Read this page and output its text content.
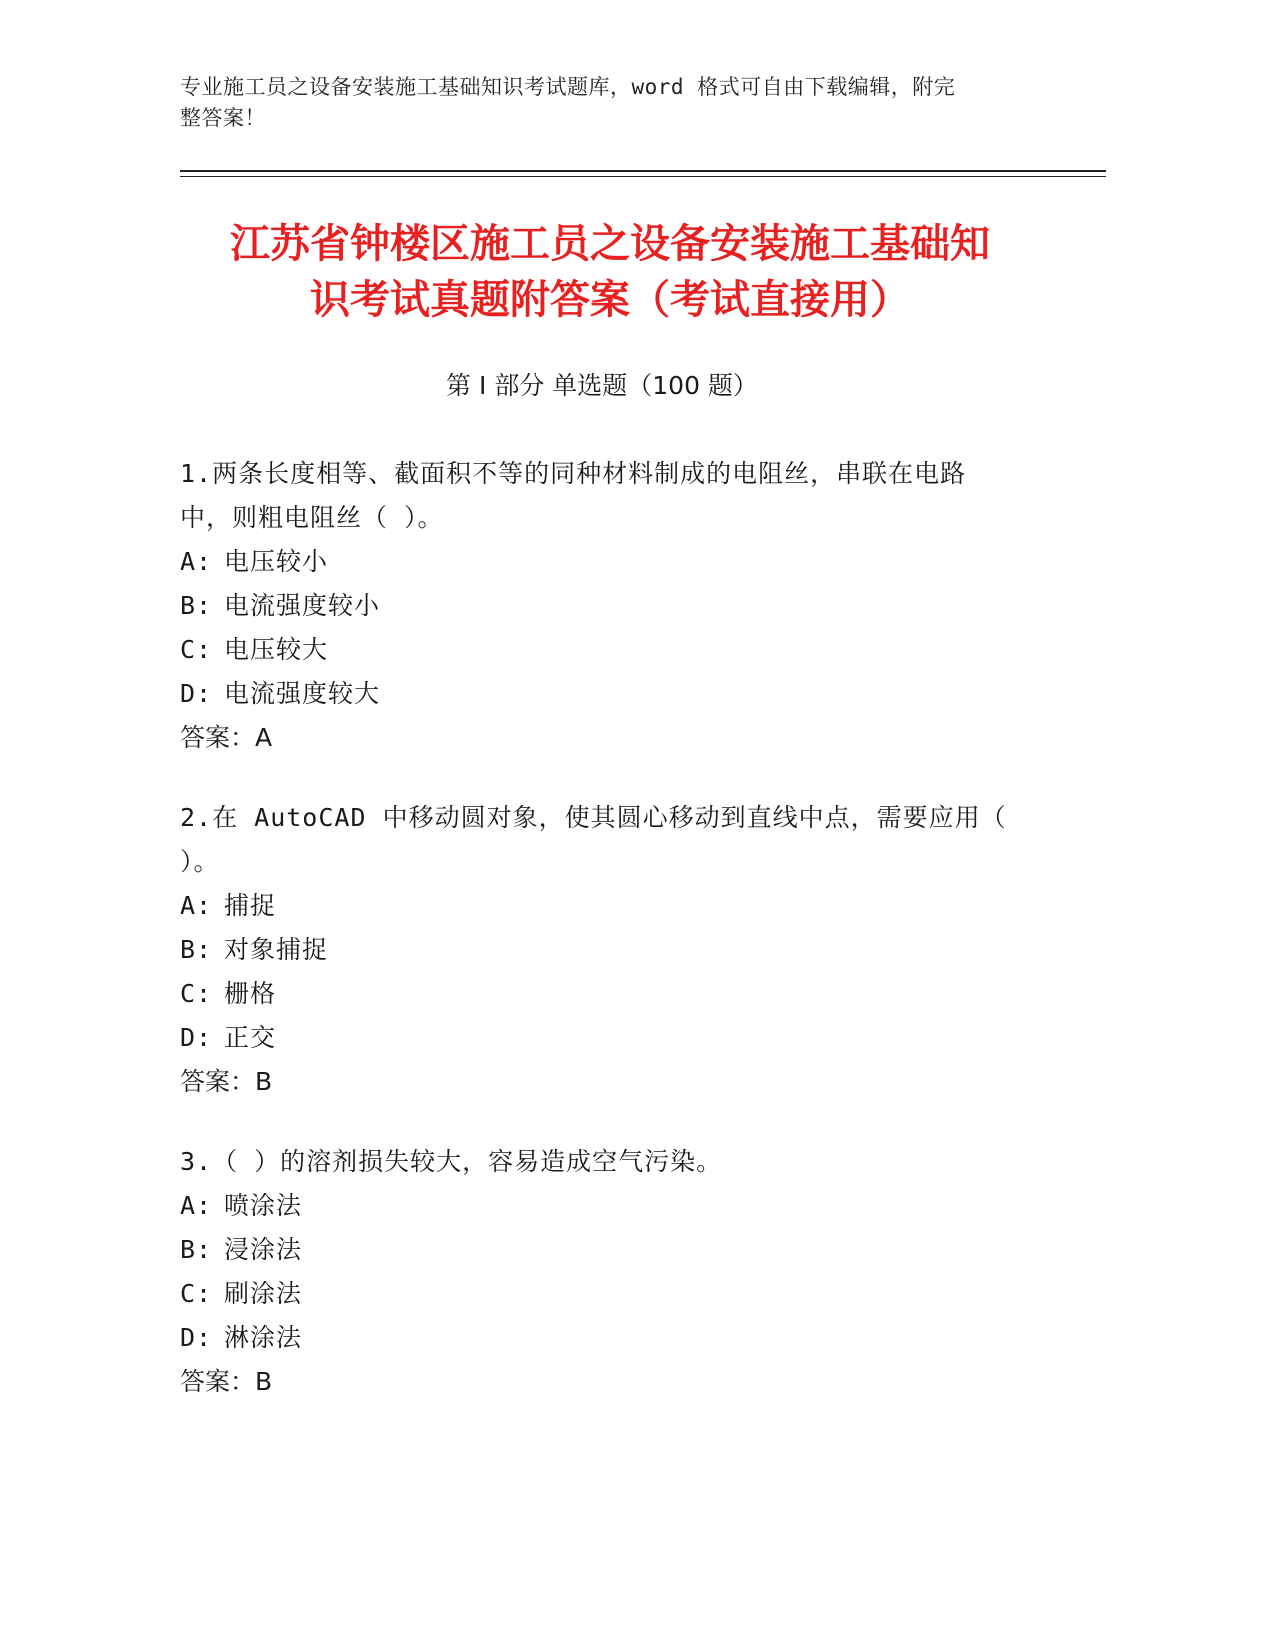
专业施工员之设备安装施工基础知识考试题库，word 格式可自由下载编辑，附完
整答案！
江苏省钟楼区施工员之设备安装施工基础知
识考试真题附答案（考试直接用）
第 I 部分 单选题（100 题）
1.两条长度相等、截面积不等的同种材料制成的电阻丝，串联在电路
中，则粗电阻丝（ ）。
A: 电压较小
B: 电流强度较小
C: 电压较大
D: 电流强度较大
答案：A
2.在 AutoCAD 中移动圆对象，使其圆心移动到直线中点，需要应用（
）。
A: 捕捉
B: 对象捕捉
C: 栅格
D: 正交
答案：B
3.（ ）的溶剂损失较大，容易造成空气污染。
A: 喷涂法
B: 浸涂法
C: 刷涂法
D: 淋涂法
答案：B
